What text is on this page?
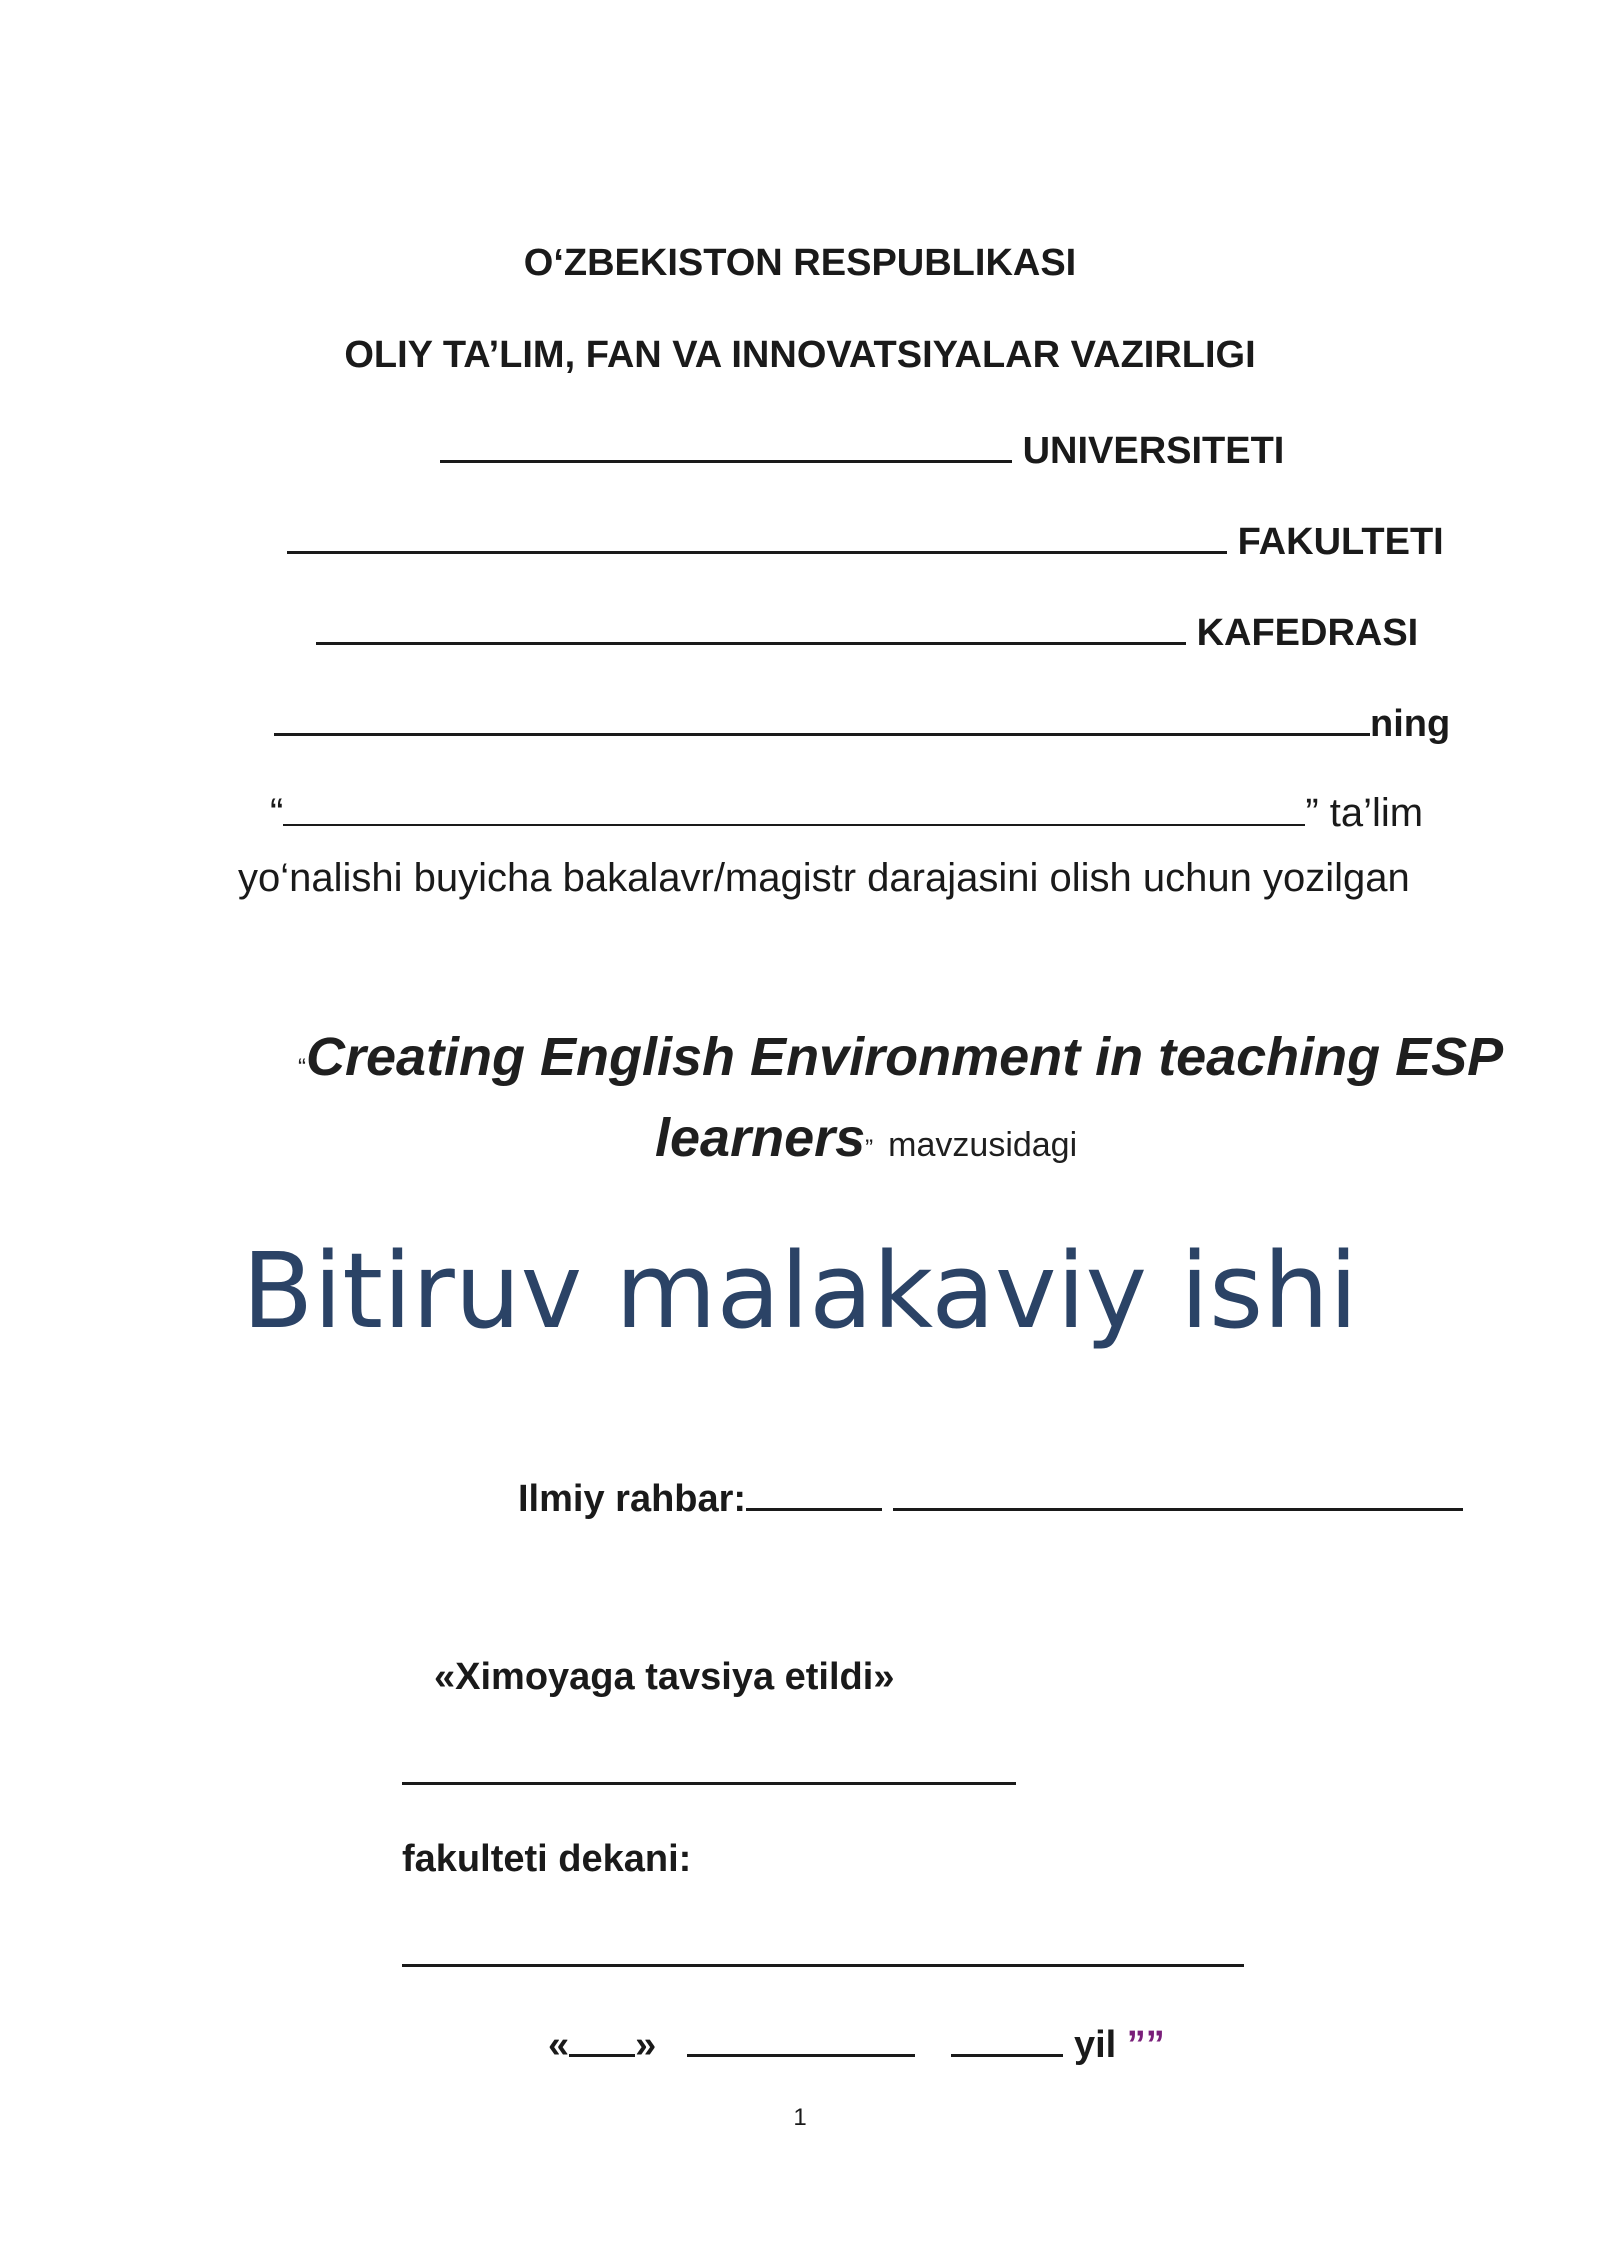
O‘ZBEKISTON RESPUBLIKASI
OLIY TA’LIM, FAN VA INNOVATSIYALAR VAZIRLIGI
UNIVERSITETI
FAKULTETI
KAFEDRASI
ning
“	” ta’lim
yo‘nalishi buyicha bakalavr/magistr darajasini olish uchun yozilgan
“Creating English Environment in teaching ESP
learners” mavzusidagi
Bitiruv malakaviy ishi
Ilmiy rahbar:
«Ximoyaga tavsiya etildi»
fakulteti dekani:
« »	yil ””
1
